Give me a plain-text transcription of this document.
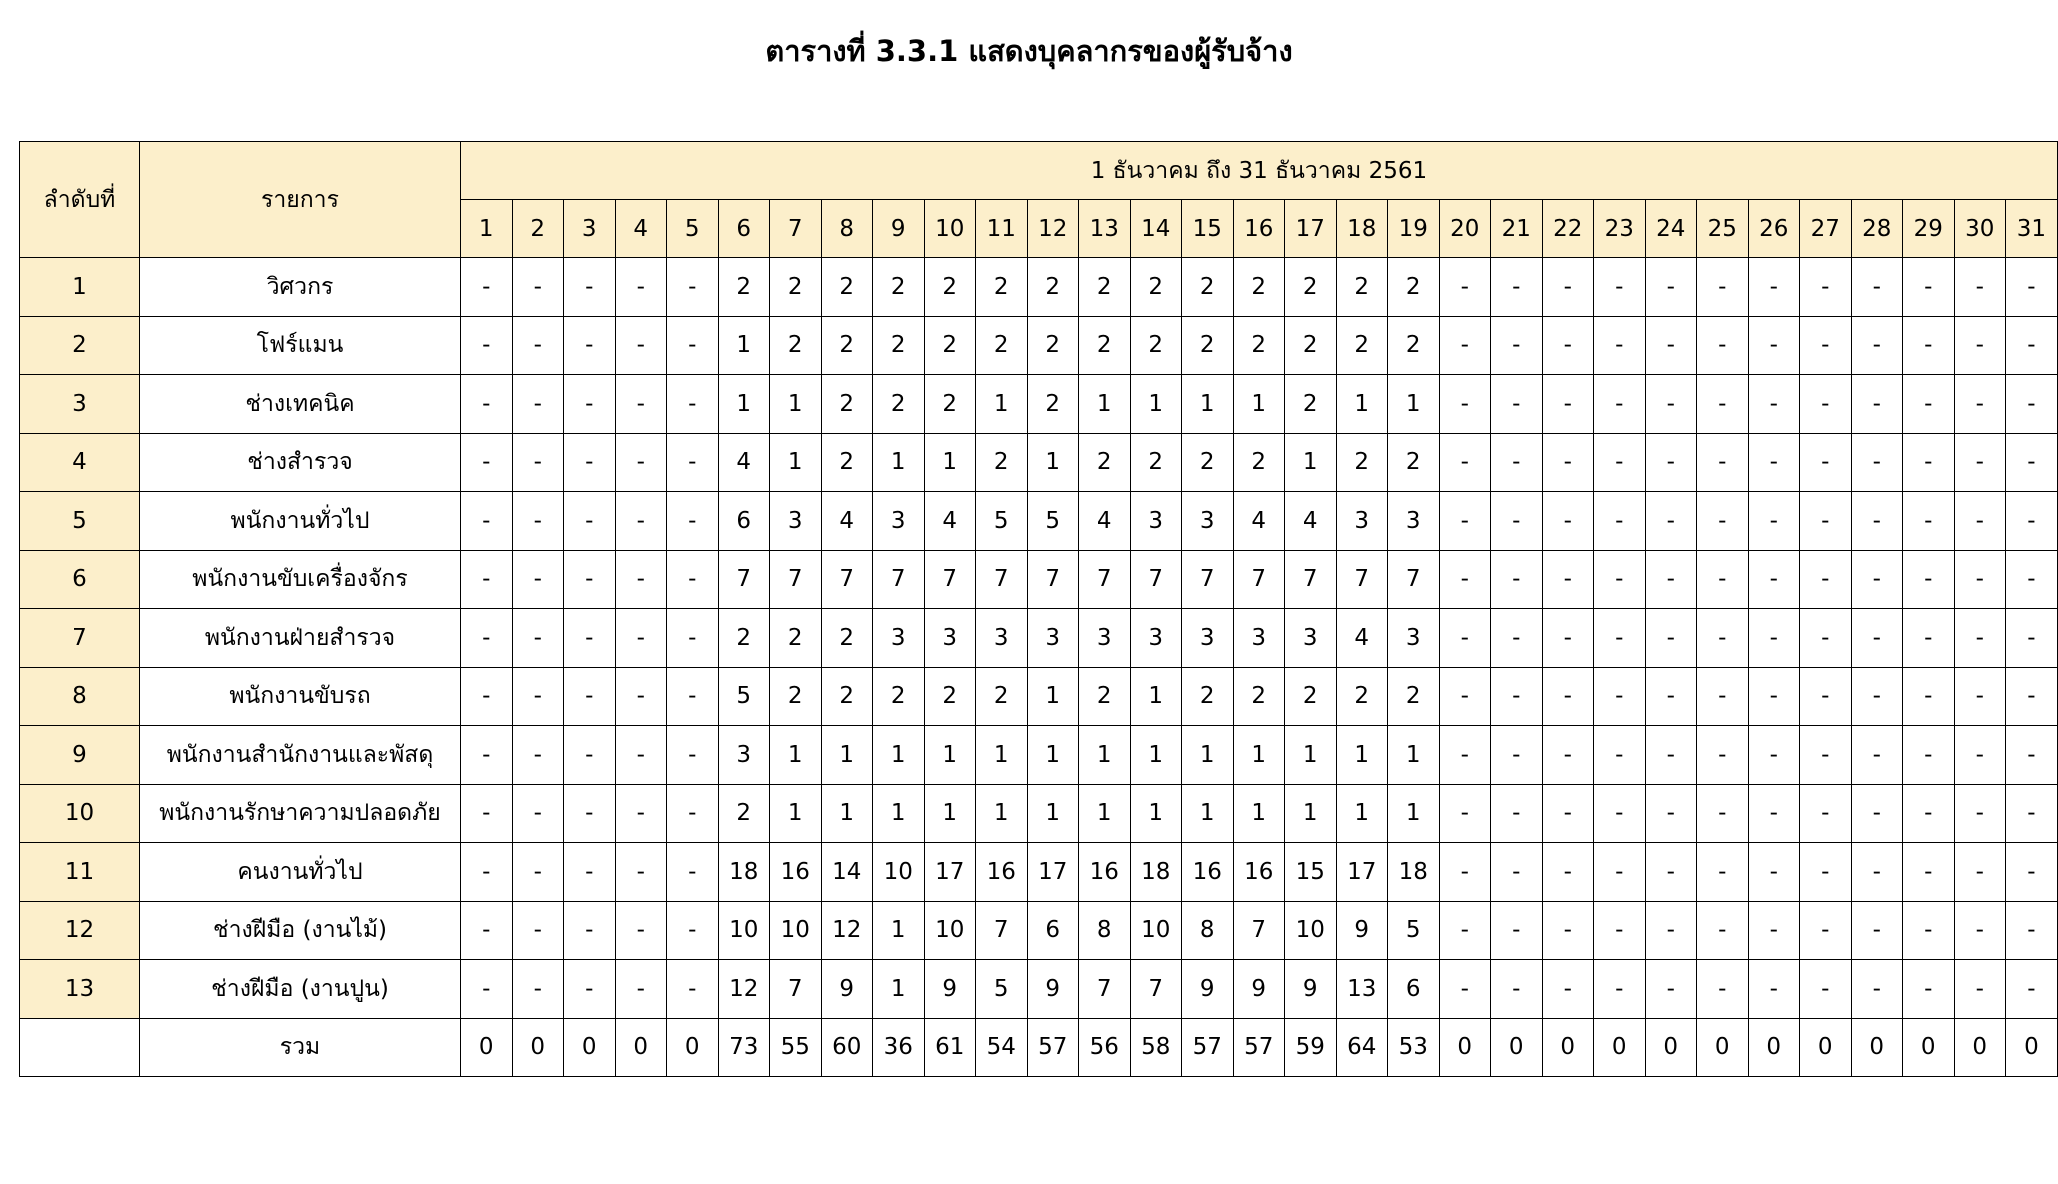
ตารางที่ 3.3.1 แสดงบุคลากรของผู้รับจ้าง
ลำดับที่	รายการ	1 ธันวาคม ถึง 31 ธันวาคม 2561																														
		1	2	3	4	5	6	7	8	9	10	11	12	13	14	15	16	17	18	19	20	21	22	23	24	25	26	27	28	29	30	31
1	วิศวกร	-	-	-	-	-	2	2	2	2	2	2	2	2	2	2	2	2	2	2	-	-	-	-	-	-	-	-	-	-	-	-
2	โฟร์แมน	-	-	-	-	-	1	2	2	2	2	2	2	2	2	2	2	2	2	2	-	-	-	-	-	-	-	-	-	-	-	-
3	ช่างเทคนิค	-	-	-	-	-	1	1	2	2	2	1	2	1	1	1	1	2	1	1	-	-	-	-	-	-	-	-	-	-	-	-
4	ช่างสำรวจ	-	-	-	-	-	4	1	2	1	1	2	1	2	2	2	2	1	2	2	-	-	-	-	-	-	-	-	-	-	-	-
5	พนักงานทั่วไป	-	-	-	-	-	6	3	4	3	4	5	5	4	3	3	4	4	3	3	-	-	-	-	-	-	-	-	-	-	-	-
6	พนักงานขับเครื่องจักร	-	-	-	-	-	7	7	7	7	7	7	7	7	7	7	7	7	7	7	-	-	-	-	-	-	-	-	-	-	-	-
7	พนักงานฝ่ายสำรวจ	-	-	-	-	-	2	2	2	3	3	3	3	3	3	3	3	3	4	3	-	-	-	-	-	-	-	-	-	-	-	-
8	พนักงานขับรถ	-	-	-	-	-	5	2	2	2	2	2	1	2	1	2	2	2	2	2	-	-	-	-	-	-	-	-	-	-	-	-
9	พนักงานสำนักงานและพัสดุ	-	-	-	-	-	3	1	1	1	1	1	1	1	1	1	1	1	1	1	-	-	-	-	-	-	-	-	-	-	-	-
10	พนักงานรักษาความปลอดภัย	-	-	-	-	-	2	1	1	1	1	1	1	1	1	1	1	1	1	1	-	-	-	-	-	-	-	-	-	-	-	-
11	คนงานทั่วไป	-	-	-	-	-	18	16	14	10	17	16	17	16	18	16	16	15	17	18	-	-	-	-	-	-	-	-	-	-	-	-
12	ช่างฝีมือ (งานไม้)	-	-	-	-	-	10	10	12	1	10	7	6	8	10	8	7	10	9	5	-	-	-	-	-	-	-	-	-	-	-	-
13	ช่างฝีมือ (งานปูน)	-	-	-	-	-	12	7	9	1	9	5	9	7	7	9	9	9	13	6	-	-	-	-	-	-	-	-	-	-	-	-
	รวม	0	0	0	0	0	73	55	60	36	61	54	57	56	58	57	57	59	64	53	0	0	0	0	0	0	0	0	0	0	0	0
